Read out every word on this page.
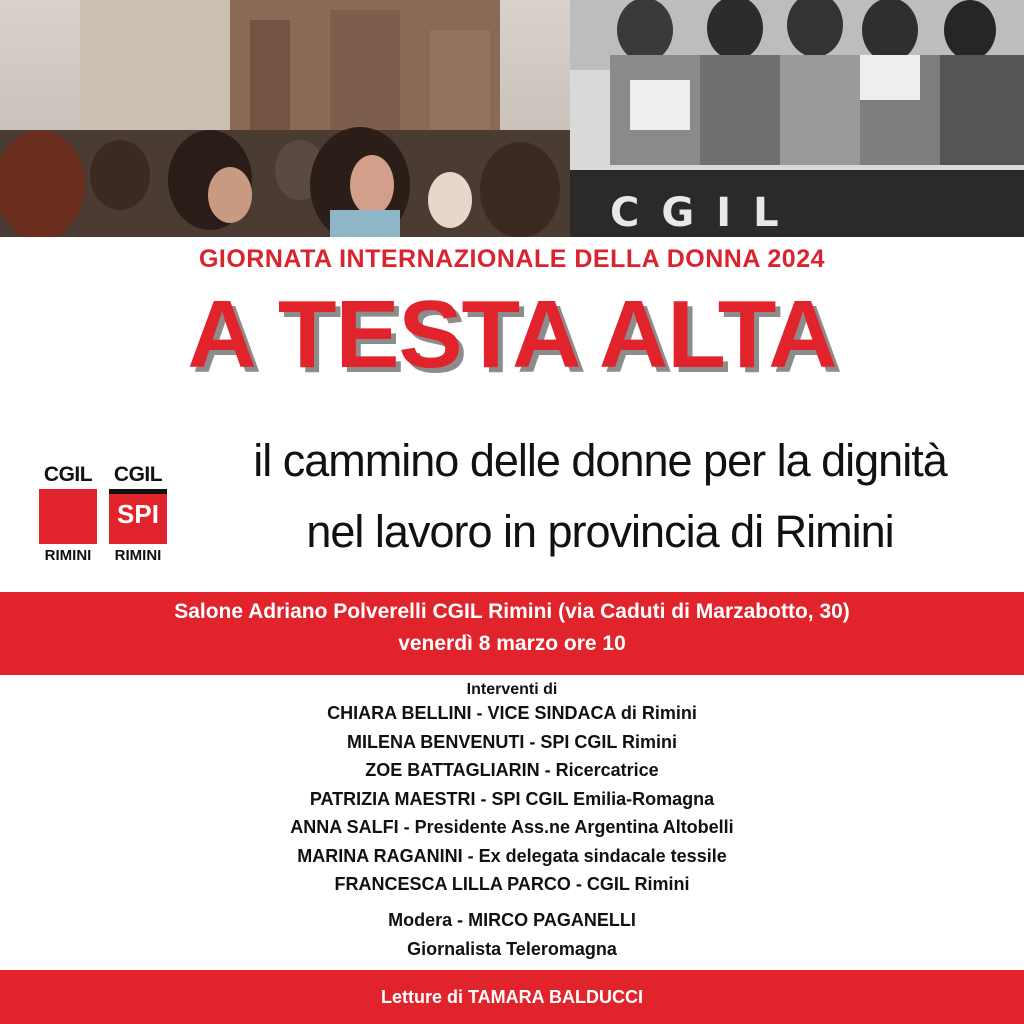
CGIL
GIORNATA INTERNAZIONALE DELLA DONNA 2024
A TESTA ALTA
CGIL
RIMINI
CGIL
SPI
RIMINI
il cammino delle donne per la dignità
nel lavoro in provincia di Rimini
Salone Adriano Polverelli CGIL Rimini (via Caduti di Marzabotto, 30)
venerdì 8 marzo ore 10
Interventi di
CHIARA BELLINI - VICE SINDACA di Rimini
MILENA BENVENUTI - SPI CGIL Rimini
ZOE BATTAGLIARIN - Ricercatrice
PATRIZIA MAESTRI - SPI CGIL Emilia-Romagna
ANNA SALFI - Presidente Ass.ne Argentina Altobelli
MARINA RAGANINI - Ex delegata sindacale tessile
FRANCESCA LILLA PARCO - CGIL Rimini
Modera - MIRCO PAGANELLI
Giornalista Teleromagna
Letture di TAMARA BALDUCCI
